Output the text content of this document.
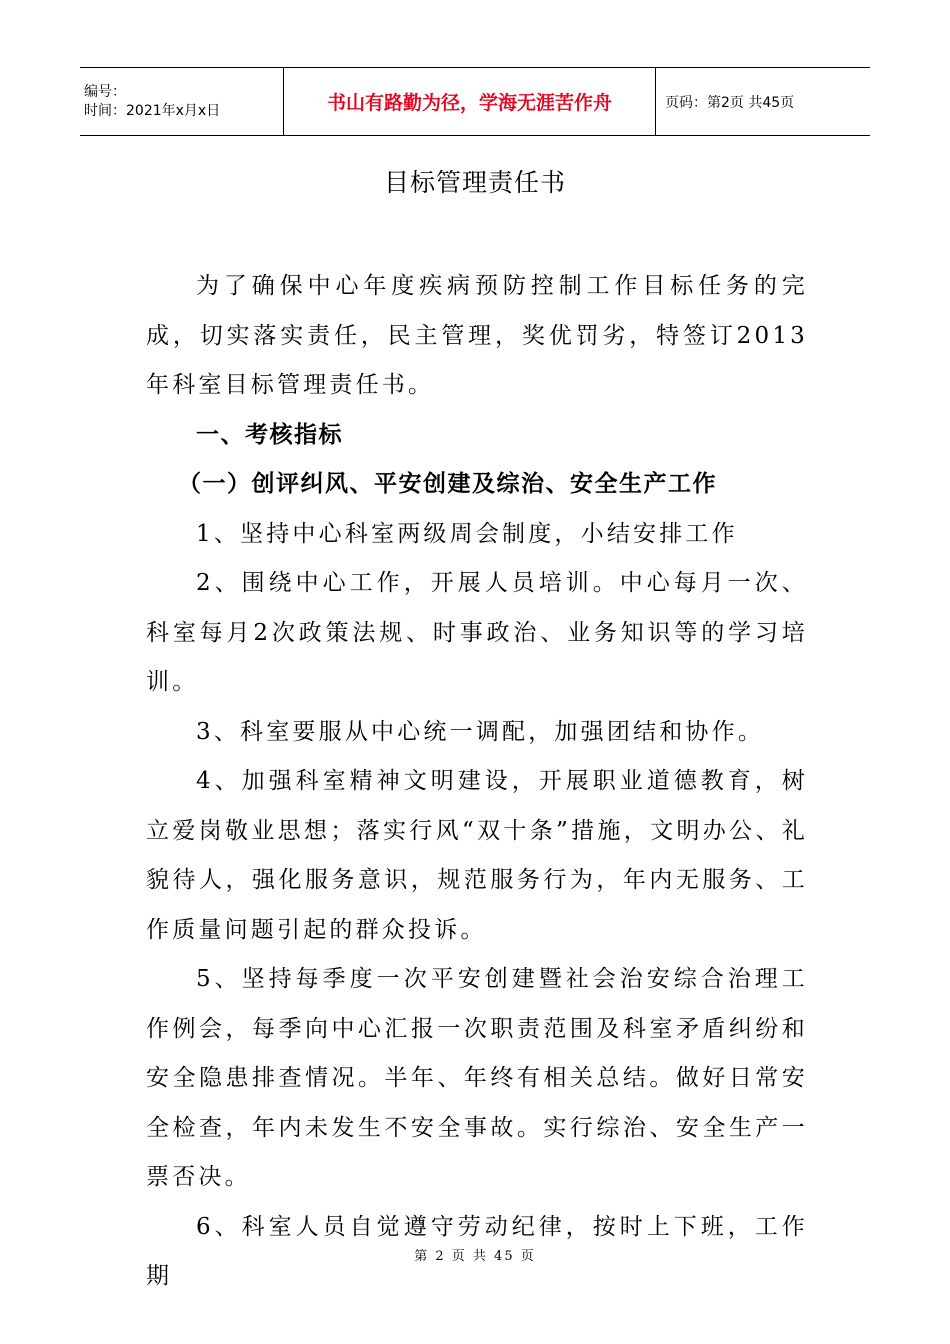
编号：
时间：2021年x月x日	书山有路勤为径，学海无涯苦作舟	页码：第2页 共45页
目标管理责任书

为了确保中心年度疾病预防控制工作目标任务的完成，切实落实责任，民主管理，奖优罚劣，特签订2013年科室目标管理责任书。

一、考核指标

（一）创评纠风、平安创建及综治、安全生产工作

1、坚持中心科室两级周会制度，小结安排工作

2、围绕中心工作，开展人员培训。中心每月一次、科室每月2次政策法规、时事政治、业务知识等的学习培训。

3、科室要服从中心统一调配，加强团结和协作。

4、加强科室精神文明建设，开展职业道德教育，树立爱岗敬业思想；落实行风“双十条”措施，文明办公、礼貌待人，强化服务意识，规范服务行为，年内无服务、工作质量问题引起的群众投诉。

5、坚持每季度一次平安创建暨社会治安综合治理工作例会，每季向中心汇报一次职责范围及科室矛盾纠纷和安全隐患排查情况。半年、年终有相关总结。做好日常安全检查，年内未发生不安全事故。实行综治、安全生产一票否决。

6、科室人员自觉遵守劳动纪律，按时上下班，工作期

第 2 页 共 45 页
